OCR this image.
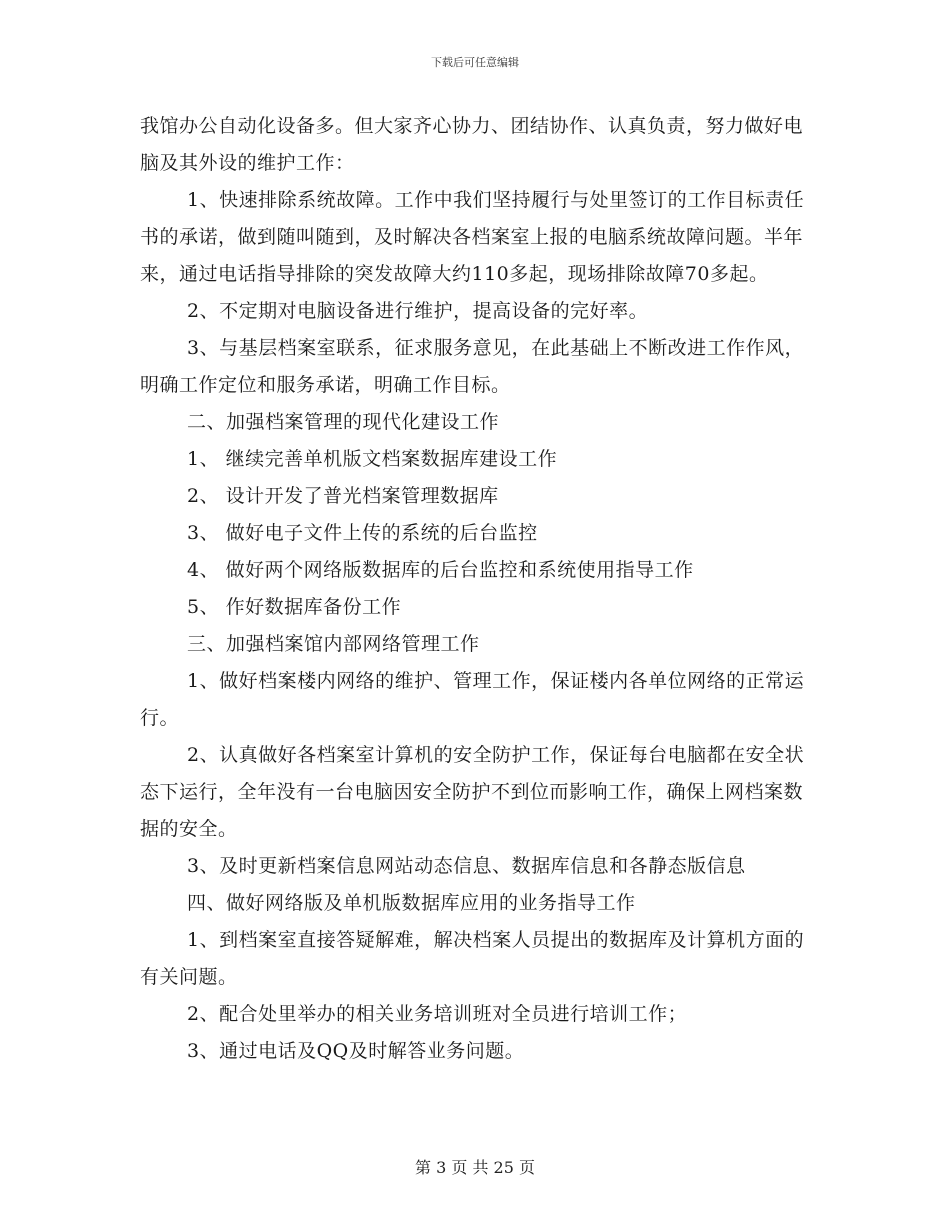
下载后可任意编辑

我馆办公自动化设备多。但大家齐心协力、团结协作、认真负责，努力做好电脑及其外设的维护工作：

1、快速排除系统故障。工作中我们坚持履行与处里签订的工作目标责任书的承诺，做到随叫随到，及时解决各档案室上报的电脑系统故障问题。半年来，通过电话指导排除的突发故障大约110多起，现场排除故障70多起。

2、不定期对电脑设备进行维护，提高设备的完好率。

3、与基层档案室联系，征求服务意见，在此基础上不断改进工作作风，明确工作定位和服务承诺，明确工作目标。

二、加强档案管理的现代化建设工作

1、 继续完善单机版文档案数据库建设工作

2、 设计开发了普光档案管理数据库

3、 做好电子文件上传的系统的后台监控

4、 做好两个网络版数据库的后台监控和系统使用指导工作

5、 作好数据库备份工作

三、加强档案馆内部网络管理工作

1、做好档案楼内网络的维护、管理工作，保证楼内各单位网络的正常运行。

2、认真做好各档案室计算机的安全防护工作，保证每台电脑都在安全状态下运行，全年没有一台电脑因安全防护不到位而影响工作，确保上网档案数据的安全。

3、及时更新档案信息网站动态信息、数据库信息和各静态版信息

四、做好网络版及单机版数据库应用的业务指导工作

1、到档案室直接答疑解难，解决档案人员提出的数据库及计算机方面的有关问题。

2、配合处里举办的相关业务培训班对全员进行培训工作；

3、通过电话及QQ及时解答业务问题。

第 3 页 共 25 页
